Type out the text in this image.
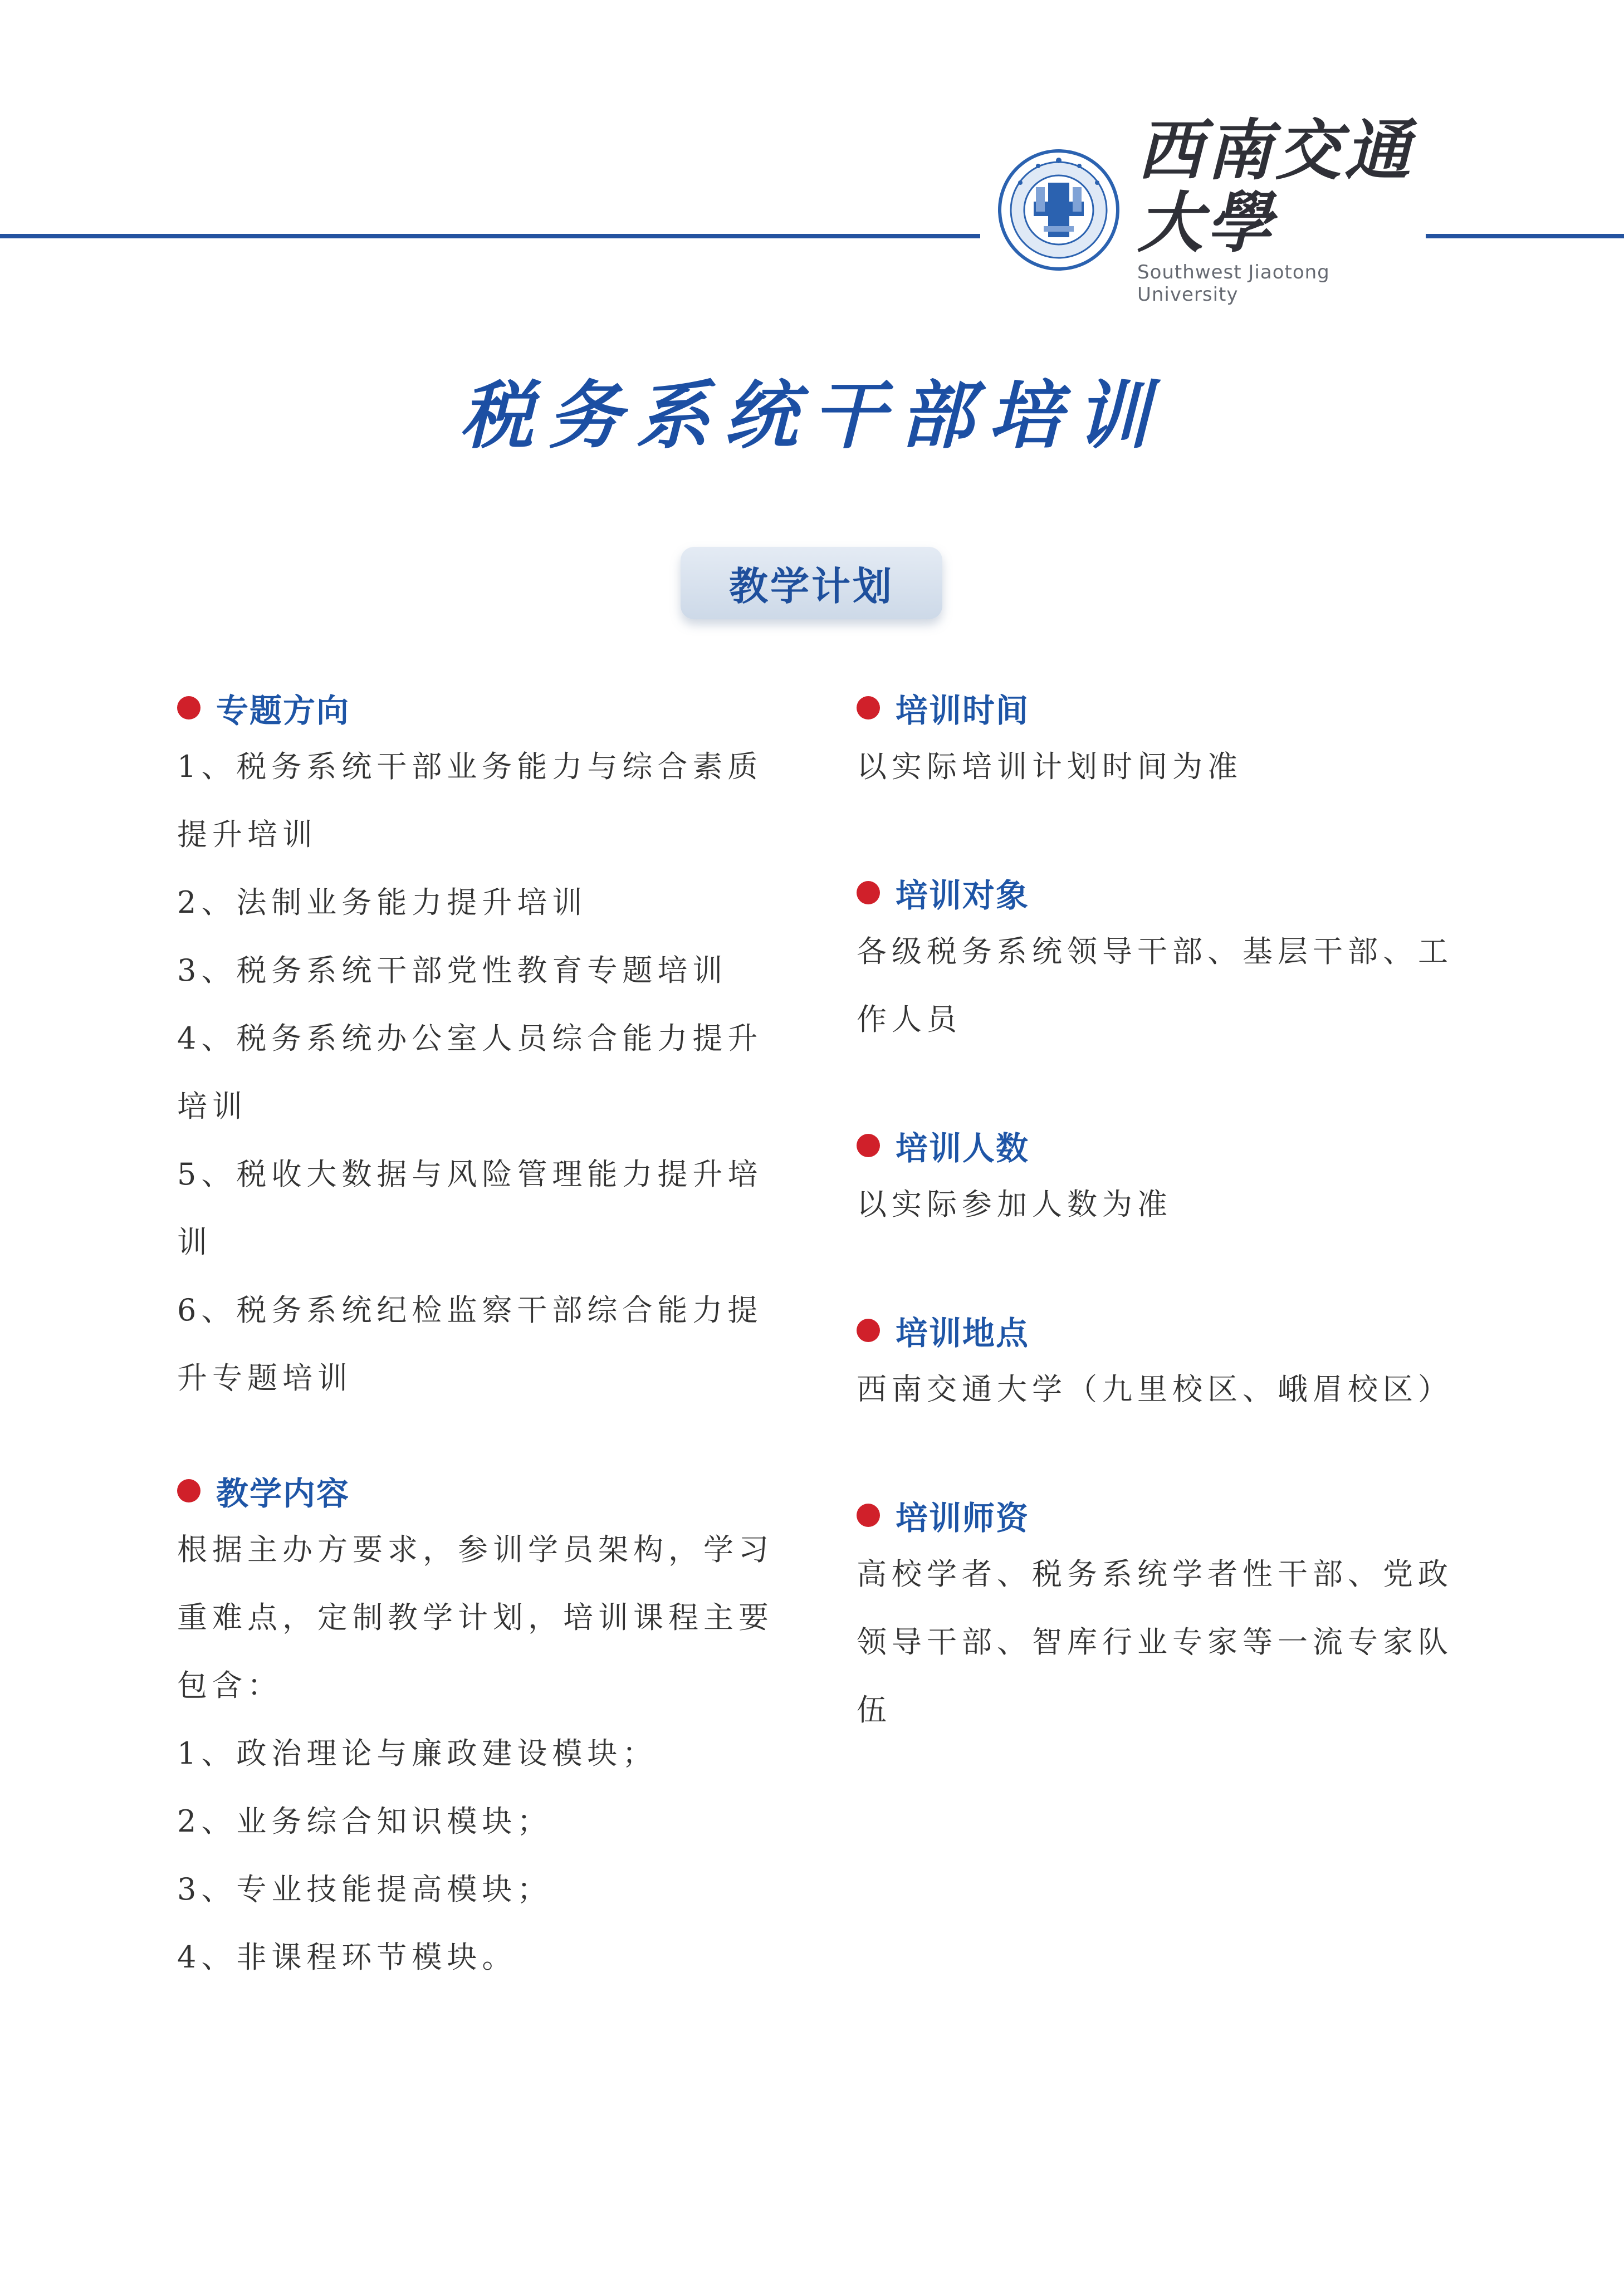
西南交通大學
Southwest Jiaotong University
税务系统干部培训
教学计划
专题方向
1、税务系统干部业务能力与综合素质
提升培训
2、法制业务能力提升培训
3、税务系统干部党性教育专题培训
4、税务系统办公室人员综合能力提升
培训
5、税收大数据与风险管理能力提升培
训
6、税务系统纪检监察干部综合能力提
升专题培训
教学内容
根据主办方要求，参训学员架构，学习
重难点，定制教学计划，培训课程主要
包含：
1、政治理论与廉政建设模块；
2、业务综合知识模块；
3、专业技能提高模块；
4、非课程环节模块。
培训时间
以实际培训计划时间为准
培训对象
各级税务系统领导干部、基层干部、工
作人员
培训人数
以实际参加人数为准
培训地点
西南交通大学（九里校区、峨眉校区）
培训师资
高校学者、税务系统学者性干部、党政
领导干部、智库行业专家等一流专家队
伍
